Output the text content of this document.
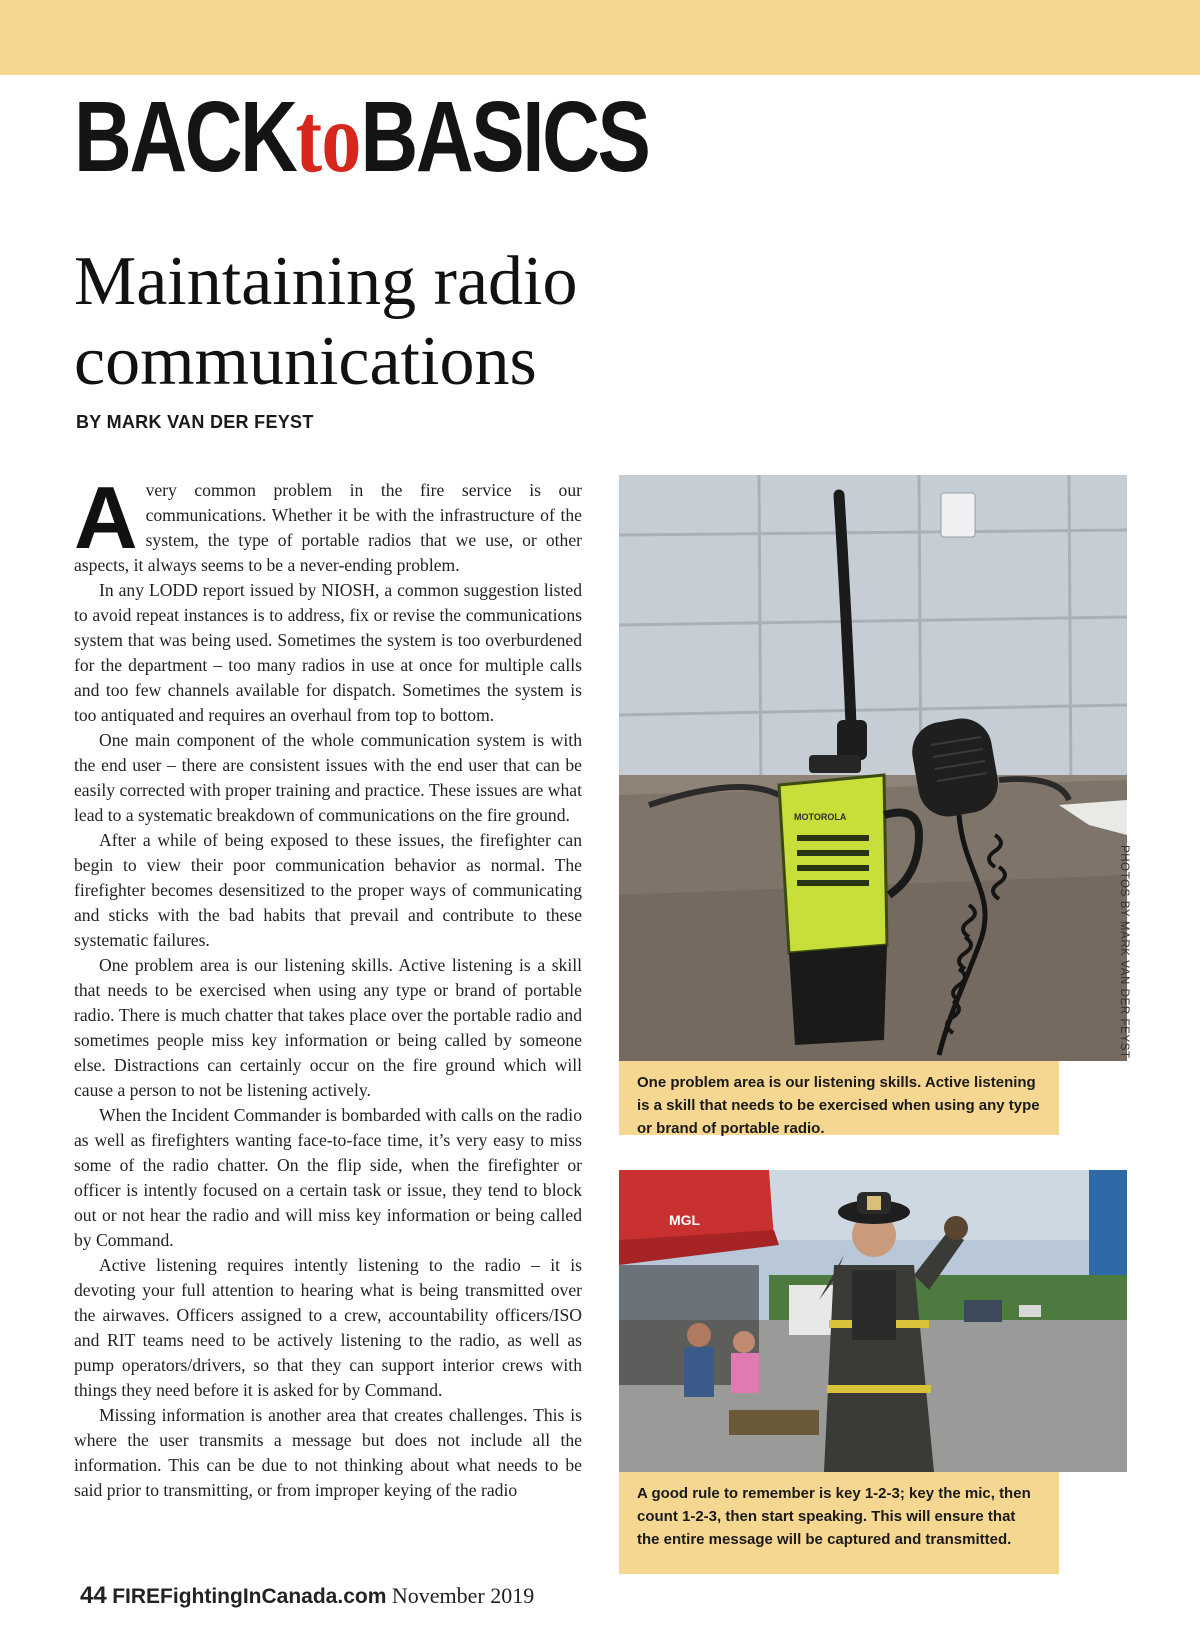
BACKtoBASICS
Maintaining radio communications
BY MARK VAN DER FEYST

Avery common problem in the fire service is our communications. Whether it be with the infrastructure of the system, the type of portable radios that we use, or other aspects, it always seems to be a never-ending problem.

In any LODD report issued by NIOSH, a common suggestion listed to avoid repeat instances is to address, fix or revise the communications system that was being used. Sometimes the system is too overburdened for the department – too many radios in use at once for multiple calls and too few channels available for dispatch. Sometimes the system is too antiquated and requires an overhaul from top to bottom.

One main component of the whole communication system is with the end user – there are consistent issues with the end user that can be easily corrected with proper training and practice. These issues are what lead to a systematic breakdown of communications on the fire ground.

After a while of being exposed to these issues, the firefighter can begin to view their poor communication behavior as normal. The firefighter becomes desensitized to the proper ways of communicating and sticks with the bad habits that prevail and contribute to these systematic failures.

One problem area is our listening skills. Active listening is a skill that needs to be exercised when using any type or brand of portable radio. There is much chatter that takes place over the portable radio and sometimes people miss key information or being called by someone else. Distractions can certainly occur on the fire ground which will cause a person to not be listening actively.

When the Incident Commander is bombarded with calls on the radio as well as firefighters wanting face-to-face time, it’s very easy to miss some of the radio chatter. On the flip side, when the firefighter or officer is intently focused on a certain task or issue, they tend to block out or not hear the radio and will miss key information or being called by Command.

Active listening requires intently listening to the radio – it is devoting your full attention to hearing what is being transmitted over the airwaves. Officers assigned to a crew, accountability officers/ISO and RIT teams need to be actively listening to the radio, as well as pump operators/drivers, so that they can support interior crews with things they need before it is asked for by Command.

Missing information is another area that creates challenges. This is where the user transmits a message but does not include all the information. This can be due to not thinking about what needs to be said prior to transmitting, or from improper keying of the radio

MOTOROLA
PHOTOS BY MARK VAN DER FEYST
One problem area is our listening skills. Active listening is a skill that needs to be exercised when using any type or brand of portable radio.
MGL
A good rule to remember is key 1-2-3; key the mic, then count 1-2-3, then start speaking. This will ensure that the entire message will be captured and transmitted.
44 FIREFightingInCanada.com November 2019
